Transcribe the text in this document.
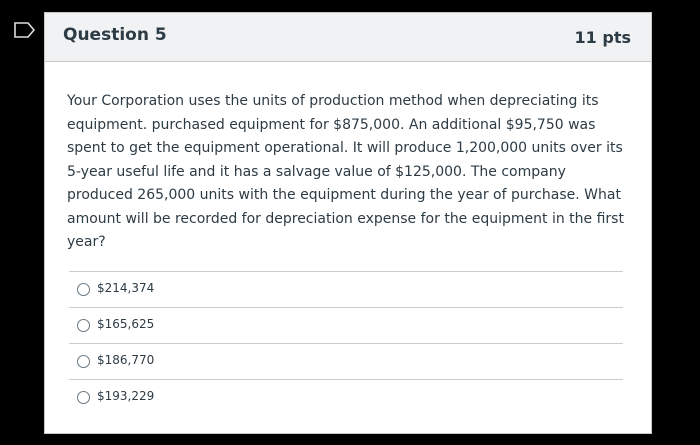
Question 5	11 pts
Your Corporation uses the units of production method when depreciating its equipment. purchased equipment for $875,000. An additional $95,750 was spent to get the equipment operational. It will produce 1,200,000 units over its 5-year useful life and it has a salvage value of $125,000. The company produced 265,000 units with the equipment during the year of purchase. What amount will be recorded for depreciation expense for the equipment in the first year?
$214,374
$165,625
$186,770
$193,229
